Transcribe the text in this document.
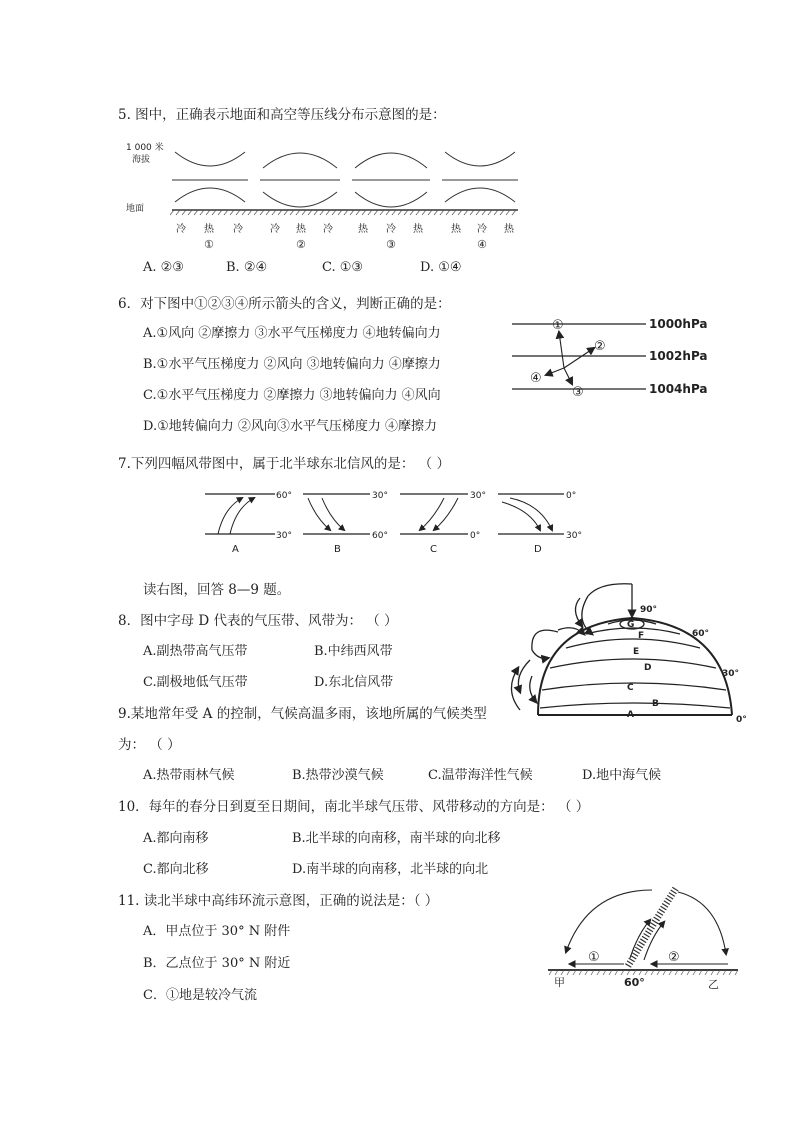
5. 图中，正确表示地面和高空等压线分布示意图的是：
1 000 米
海拔
地面
冷 热 冷
①
冷 热 冷
②
热 冷 热
③
热 冷 热
④
A. ②③	B. ②④	C. ①③	D. ①④
6．对下图中①②③④所示箭头的含义，判断正确的是：
A.①风向 ②摩擦力 ③水平气压梯度力 ④地转偏向力
B.①水平气压梯度力 ②风向 ③地转偏向力 ④摩擦力
C.①水平气压梯度力 ②摩擦力 ③地转偏向力 ④风向
D.①地转偏向力 ②风向③水平气压梯度力 ④摩擦力
1000hPa
1002hPa
1004hPa
①
②
③
④
7.下列四幅风带图中，属于北半球东北信风的是： （ ）
60°
30°
A
30°
60°
B
30°
0°
C
0°
30°
D
读右图，回答 8—9 题。
8．图中字母 D 代表的气压带、风带为： （ ）
A.副热带高气压带	B.中纬西风带
C.副极地低气压带	D.东北信风带
G
F
E
D
C
B
A
90°
60°
30°
0°
9.某地常年受 A 的控制，气候高温多雨，该地所属的气候类型
为： （ ）
A.热带雨林气候	B.热带沙漠气候	C.温带海洋性气候	D.地中海气候
10．每年的春分日到夏至日期间，南北半球气压带、风带移动的方向是： （ ）
A.都向南移	B.北半球的向南移，南半球的向北移
C.都向北移	D.南半球的向南移，北半球的向北
11. 读北半球中高纬环流示意图，正确的说法是：（ ）
A．甲点位于 30° N 附件
B．乙点位于 30° N 附近
C．①地是较冷气流
①	②
甲	60°	乙
